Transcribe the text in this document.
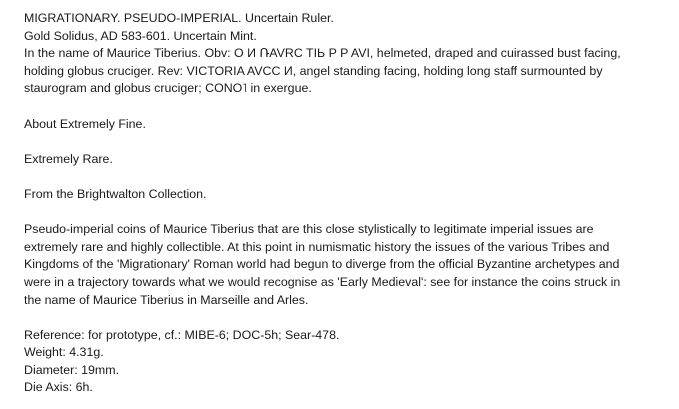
MIGRATIONARY. PSEUDO-IMPERIAL. Uncertain Ruler.
Gold Solidus, AD 583-601. Uncertain Mint.
In the name of Maurice Tiberius. Obv: O И ՌAVRC TIЬ P P AVI, helmeted, draped and cuirassed bust facing,
holding globus cruciger. Rev: VICTORIA AVCC И, angel standing facing, holding long staff surmounted by
staurogram and globus cruciger; CONO˥ in exergue.
About Extremely Fine.
Extremely Rare.
From the Brightwalton Collection.
Pseudo-imperial coins of Maurice Tiberius that are this close stylistically to legitimate imperial issues are
extremely rare and highly collectible. At this point in numismatic history the issues of the various Tribes and
Kingdoms of the 'Migrationary' Roman world had begun to diverge from the official Byzantine archetypes and
were in a trajectory towards what we would recognise as 'Early Medieval': see for instance the coins struck in
the name of Maurice Tiberius in Marseille and Arles.
Reference: for prototype, cf.: MIBE-6; DOC-5h; Sear-478.
Weight: 4.31g.
Diameter: 19mm.
Die Axis: 6h.
